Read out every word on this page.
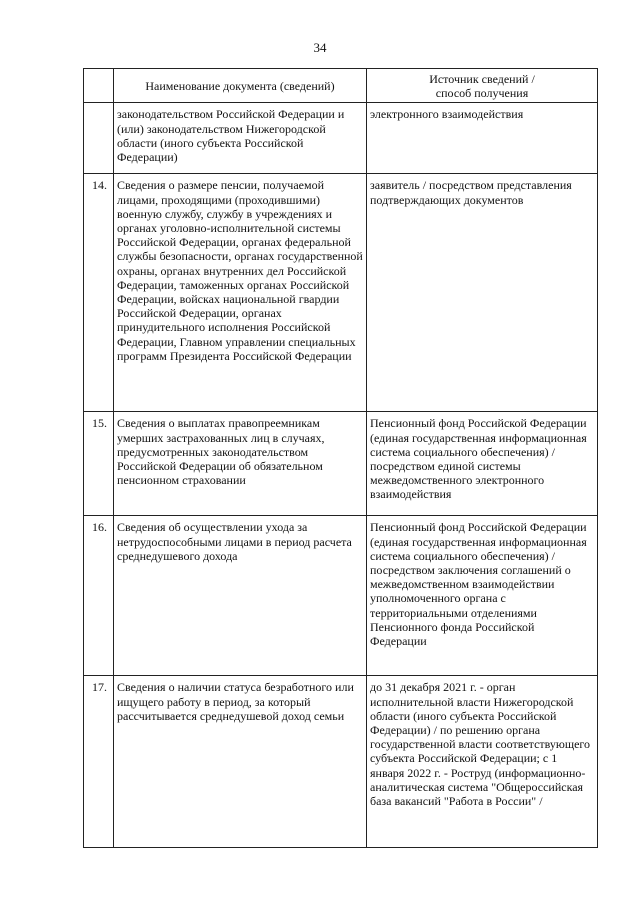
34
	Наименование документа (сведений)	Источник сведений /
способ получения

	законодательством Российской Федерации и (или) законодательством Нижегородской области (иного субъекта Российской Федерации)	электронного взаимодействия
14.	Сведения о размере пенсии, получаемой лицами, проходящими (проходившими) военную службу, службу в учреждениях и органах уголовно-исполнительной системы Российской Федерации, органах федеральной службы безопасности, органах государственной охраны, органах внутренних дел Российской Федерации, таможенных органах Российской Федерации, войсках национальной гвардии Российской Федерации, органах принудительного исполнения Российской Федерации, Главном управлении специальных программ Президента Российской Федерации	заявитель / посредством представления подтверждающих документов
15.	Сведения о выплатах правопреемникам умерших застрахованных лиц в случаях, предусмотренных законодательством Российской Федерации об обязательном пенсионном страховании	Пенсионный фонд Российской Федерации (единая государственная информационная система социального обеспечения) / посредством единой системы межведомственного электронного взаимодействия
16.	Сведения об осуществлении ухода за нетрудоспособными лицами в период расчета среднедушевого дохода	Пенсионный фонд Российской Федерации (единая государственная информационная система социального обеспечения) / посредством заключения соглашений о межведомственном взаимодействии уполномоченного органа с территориальными отделениями Пенсионного фонда Российской Федерации
17.	Сведения о наличии статуса безработного или ищущего работу в период, за который рассчитывается среднедушевой доход семьи	до 31 декабря 2021 г. - орган исполнительной власти Нижегородской области (иного субъекта Российской Федерации) / по решению органа государственной власти соответствующего субъекта Российской Федерации; с 1 января 2022 г. - Роструд (информационно-аналитическая система "Общероссийская база вакансий "Работа в России" /
